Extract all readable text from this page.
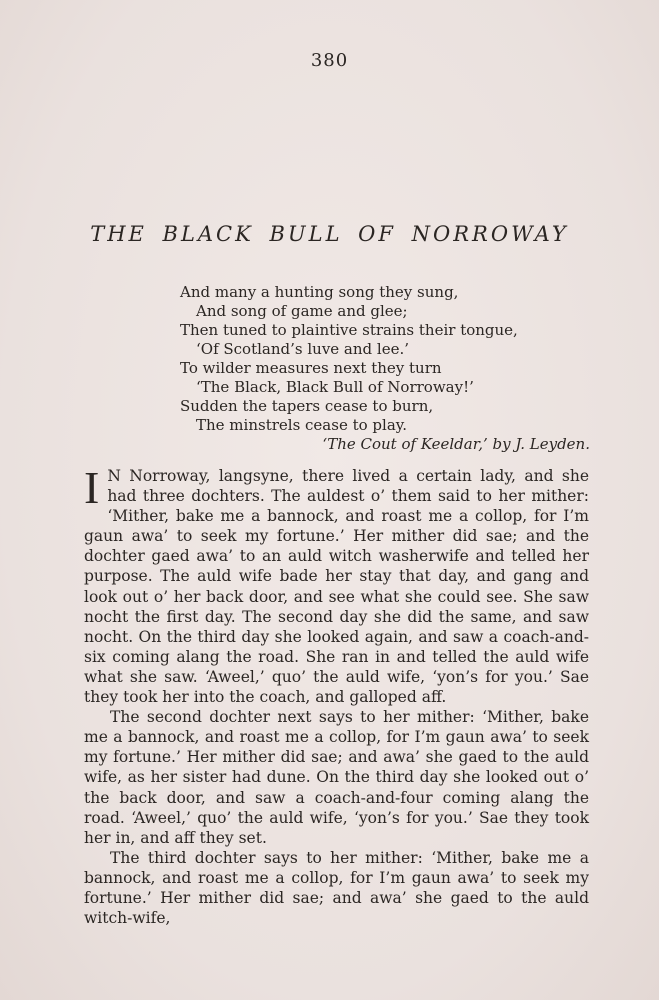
380
THE BLACK BULL OF NORROWAY
And many a hunting song they sung,
And song of game and glee;
Then tuned to plaintive strains their tongue,
‘Of Scotland’s luve and lee.’
To wilder measures next they turn
‘The Black, Black Bull of Norroway!’
Sudden the tapers cease to burn,
The minstrels cease to play.
‘The Cout of Keeldar,’ by J. Leyden.

I N Norroway, langsyne, there lived a certain lady, and she had three dochters. The auldest o’ them said to her mither: ‘Mither, bake me a bannock, and roast me a collop, for I’m gaun awa’ to seek my fortune.’ Her mither did sae; and the dochter gaed awa’ to an auld witch washerwife and telled her purpose. The auld wife bade her stay that day, and gang and look out o’ her back door, and see what she could see. She saw nocht the first day. The second day she did the same, and saw nocht. On the third day she looked again, and saw a coach-and-six coming alang the road. She ran in and telled the auld wife what she saw. ‘Aweel,’ quo’ the auld wife, ‘yon’s for you.’ Sae they took her into the coach, and galloped aff.

The second dochter next says to her mither: ‘Mither, bake me a bannock, and roast me a collop, for I’m gaun awa’ to seek my fortune.’ Her mither did sae; and awa’ she gaed to the auld wife, as her sister had dune. On the third day she looked out o’ the back door, and saw a coach-and-four coming alang the road. ‘Aweel,’ quo’ the auld wife, ‘yon’s for you.’ Sae they took her in, and aff they set.

The third dochter says to her mither: ‘Mither, bake me a bannock, and roast me a collop, for I’m gaun awa’ to seek my fortune.’ Her mither did sae; and awa’ she gaed to the auld witch-wife,
